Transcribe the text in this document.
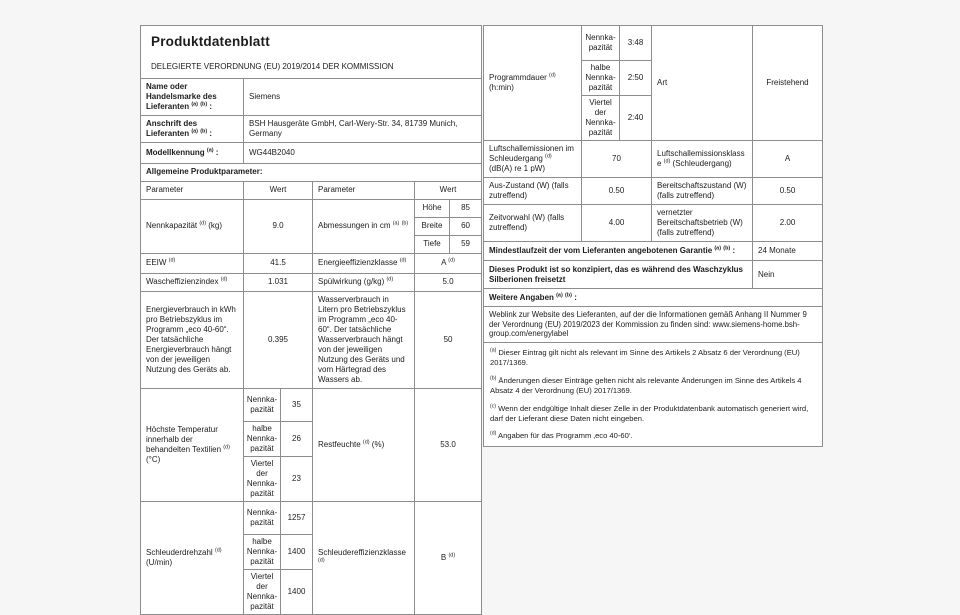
Produktdatenblatt
DELEGIERTE VERORDNUNG (EU) 2019/2014 DER KOMMISSION					

Name oder Handelsmarke des Lieferanten $^{(a)}$ $^{(b)}$ :	Siemens				
Anschrift des Lieferanten $^{(a)}$ $^{(b)}$ :	BSH Hausgeräte GmbH, Carl-Wery-Str. 34, 81739 Munich, Germany				
Modellkennung $^{(a)}$ :	WG44B2040				
Allgemeine Produktparameter:					
Parameter	Wert		Parameter	Wert	
Nennkapazität $^{(d)}$ (kg)	9.0		Abmessungen in cm $^{(a)}$ $^{(b)}$	Höhe	85
				Breite	60
				Tiefe	59
EEIW $^{(d)}$	41.5		Energieeffizienzklasse $^{(d)}$	A $^{(d)}$
Wascheffizienzindex $^{(d)}$	1.031		Spülwirkung (g/kg) $^{(d)}$	5.0	
Energieverbrauch in kWh pro Betriebszyklus im Programm „eco 40-60“. Der tatsächliche Energieverbrauch hängt von der jeweiligen Nutzung des Geräts ab.	0.395		Wasserverbrauch in Litern pro Betriebszyklus im Programm „eco 40-60“. Der tatsächliche Wasserverbrauch hängt von der jeweiligen Nutzung des Geräts und vom Härtegrad des Wassers ab.	50	
Höchste Temperatur innerhalb der behandelten Textilien $^{(d)}$ (°C)	Nennka-pazität	35	Restfeuchte $^{(d)}$ (%)	53.0	
	halbe Nennka-pazität	26			
	Viertel der Nennka-pazität	23			
Schleuderdrehzahl $^{(d)}$ (U/min)	Nennka-pazität	1257	Schleudereffizienzklasse $^{(d)}$	B $^{(d)}$
	halbe Nennka-pazität	1400			
	Viertel der Nennka-pazität	1400			
Programmdauer $^{(d)}$ (h:min)	Nennka-pazität	3:48	Art	Freistehend
	halbe Nennka-pazität	2:50		
	Viertel der Nennka-pazität	2:40		
Luftschallemissionen im Schleudergang $^{(d)}$ (dB(A) re 1 pW)	70		Luftschallemissionsklasse $^{(d)}$ (Schleudergang)	A
Aus-Zustand (W) (falls zutreffend)	0.50		Bereitschaftszustand (W) (falls zutreffend)	0.50
Zeitvorwahl (W) (falls zutreffend)	4.00		vernetzter Bereitschaftsbetrieb (W) (falls zutreffend)	2.00
Mindestlaufzeit der vom Lieferanten angebotenen Garantie $^{(a)}$ $^{(b)}$ :				24 Monate
Dieses Produkt ist so konzipiert, das es während des Waschzyklus Silberionen freisetzt				Nein
Weitere Angaben $^{(a)}$ $^{(b)}$ :				
Weblink zur Website des Lieferanten, auf der die Informationen gemäß Anhang II Nummer 9 der Verordnung (EU) 2019/2023 der Kommission zu finden sind: www.siemens-home.bsh-group.com/energylabel				

$^{(a)}$ Dieser Eintrag gilt nicht als relevant im Sinne des Artikels 2 Absatz 6 der Verordnung (EU) 2017/1369.

$^{(b)}$ Änderungen dieser Einträge gelten nicht als relevante Änderungen im Sinne des Artikels 4 Absatz 4 der Verordnung (EU) 2017/1369.

$^{(c)}$ Wenn der endgültige Inhalt dieser Zelle in der Produktdatenbank automatisch generiert wird, darf der Lieferant diese Daten nicht eingeben.

$^{(d)}$ Angaben für das Programm ‚eco 40-60‘.				
